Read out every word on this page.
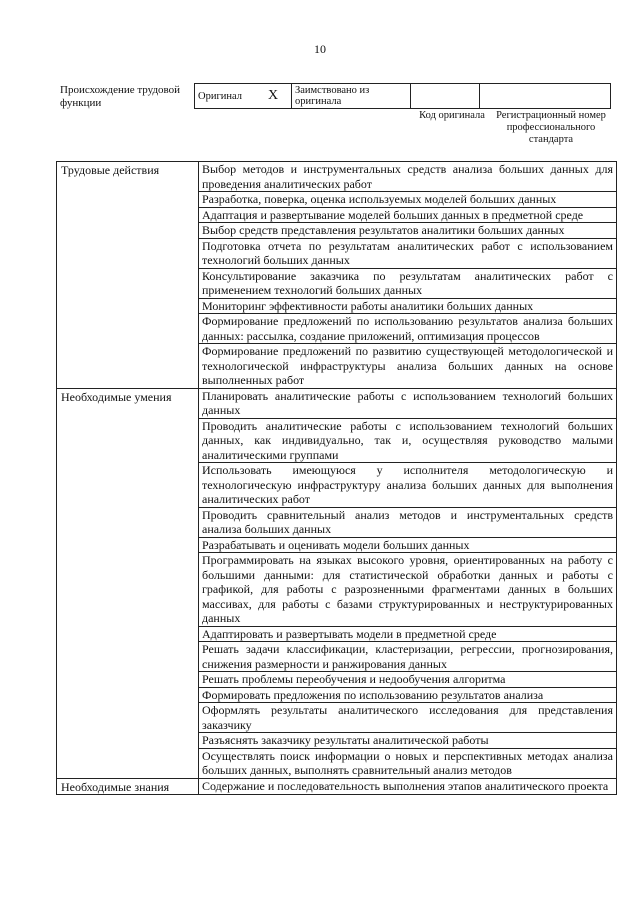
10
Происхождение трудовой функции
Оригинал	X	Заимствовано из оригинала		
Код оригинала	Регистрационный номер профессионального стандарта
Трудовые действия	Выбор методов и инструментальных средств анализа больших данных для проведения аналитических работ
	Разработка, поверка, оценка используемых моделей больших данных
	Адаптация и развертывание моделей больших данных в предметной среде
	Выбор средств представления результатов аналитики больших данных
	Подготовка отчета по результатам аналитических работ с использованием технологий больших данных
	Консультирование заказчика по результатам аналитических работ с применением технологий больших данных
	Мониторинг эффективности работы аналитики больших данных
	Формирование предложений по использованию результатов анализа больших данных: рассылка, создание приложений, оптимизация процессов
	Формирование предложений по развитию существующей методологической и технологической инфраструктуры анализа больших данных на основе выполненных работ
Необходимые умения	Планировать аналитические работы с использованием технологий больших данных
	Проводить аналитические работы с использованием технологий больших данных, как индивидуально, так и, осуществляя руководство малыми аналитическими группами
	Использовать имеющуюся у исполнителя методологическую и технологическую инфраструктуру анализа больших данных для выполнения аналитических работ
	Проводить сравнительный анализ методов и инструментальных средств анализа больших данных
	Разрабатывать и оценивать модели больших данных
	Программировать на языках высокого уровня, ориентированных на работу с большими данными: для статистической обработки данных и работы с графикой, для работы с разрозненными фрагментами данных в больших массивах, для работы с базами структурированных и неструктурированных данных
	Адаптировать и развертывать модели в предметной среде
	Решать задачи классификации, кластеризации, регрессии, прогнозирования, снижения размерности и ранжирования данных
	Решать проблемы переобучения и недообучения алгоритма
	Формировать предложения по использованию результатов анализа
	Оформлять результаты аналитического исследования для представления заказчику
	Разъяснять заказчику результаты аналитической работы
	Осуществлять поиск информации о новых и перспективных методах анализа больших данных, выполнять сравнительный анализ методов
Необходимые знания	Содержание и последовательность выполнения этапов аналитического проекта
